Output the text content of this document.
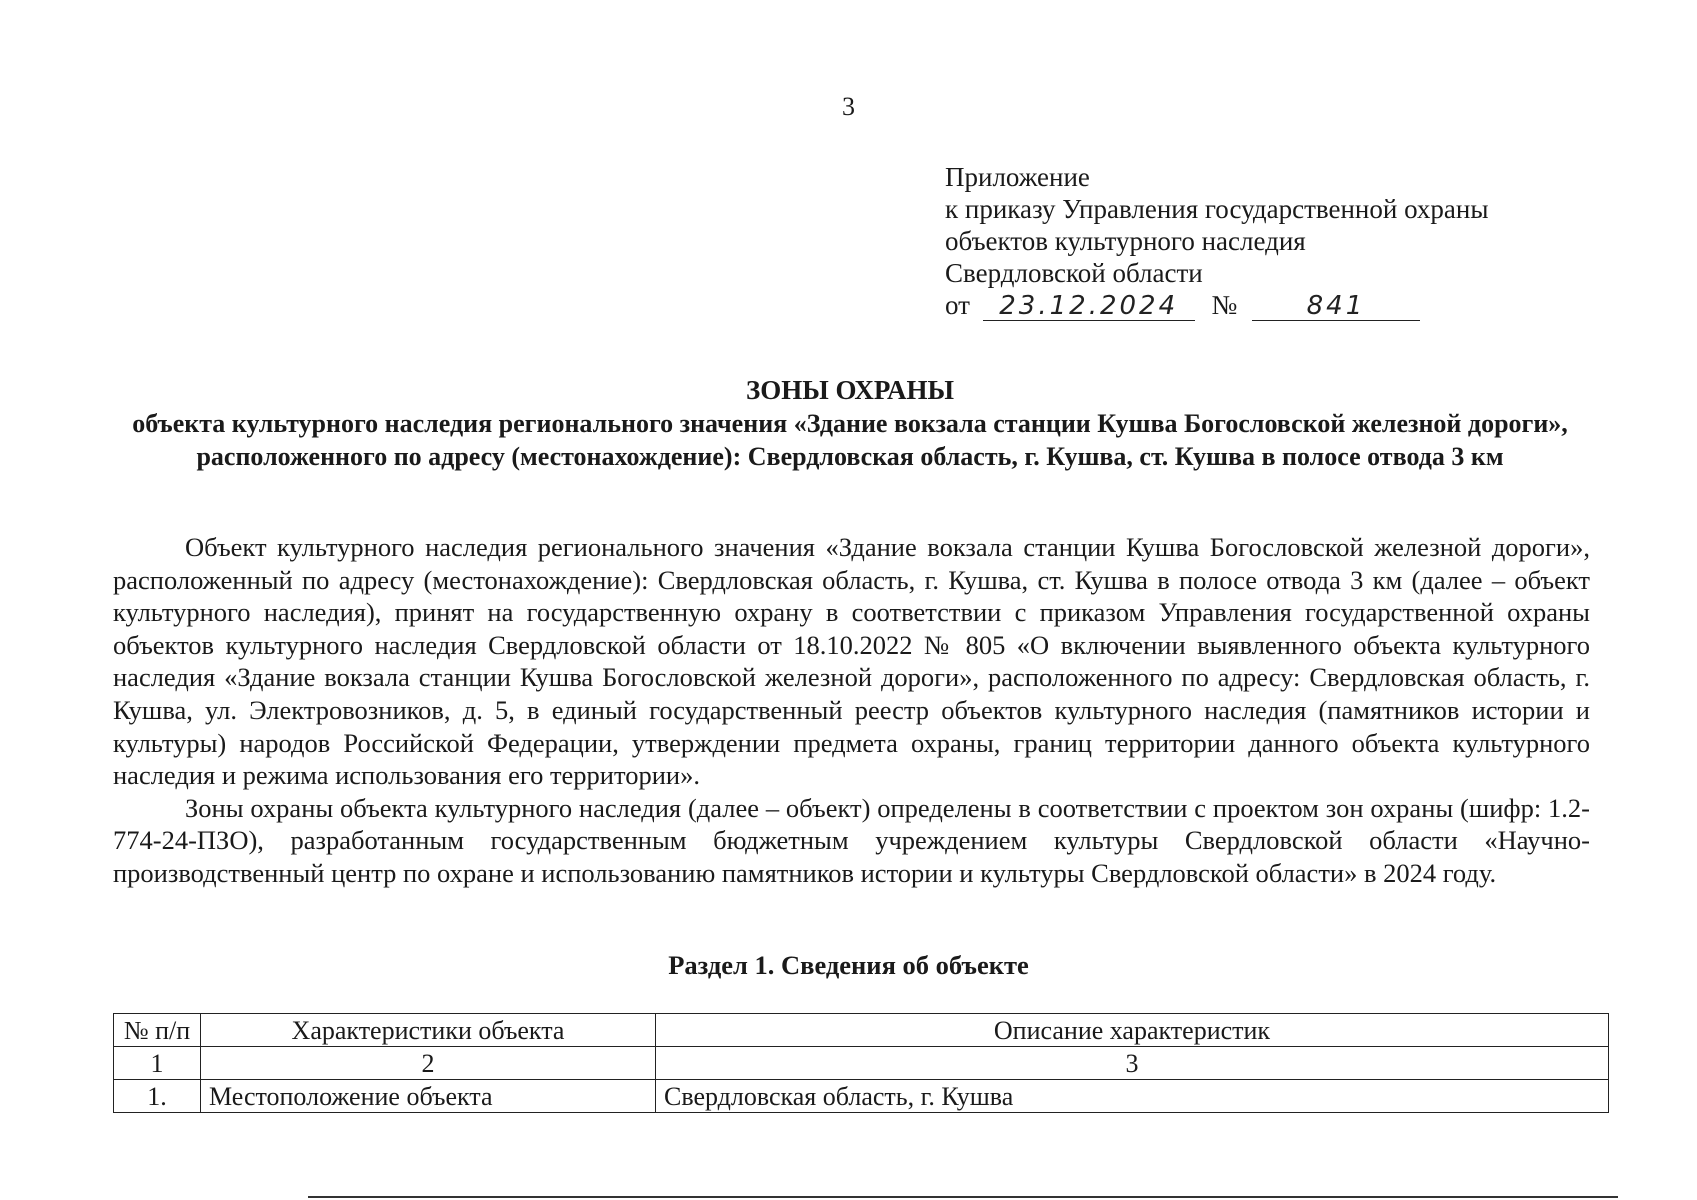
3
Приложение
к приказу Управления государственной охраны
объектов культурного наследия
Свердловской области
от 23.12.2024 №	841
ЗОНЫ ОХРАНЫ
объекта культурного наследия регионального значения «Здание вокзала станции Кушва Богословской железной дороги», расположенного по адресу (местонахождение): Свердловская область, г. Кушва, ст. Кушва в полосе отвода 3 км

Объект культурного наследия регионального значения «Здание вокзала станции Кушва Богословской железной дороги», расположенный по адресу (местонахождение): Свердловская область, г. Кушва, ст. Кушва в полосе отвода 3 км (далее – объект культурного наследия), принят на государственную охрану в соответствии с приказом Управления государственной охраны объектов культурного наследия Свердловской области от 18.10.2022 № 805 «О включении выявленного объекта культурного наследия «Здание вокзала станции Кушва Богословской железной дороги», расположенного по адресу: Свердловская область, г. Кушва, ул. Электровозников, д. 5, в единый государственный реестр объектов культурного наследия (памятников истории и культуры) народов Российской Федерации, утверждении предмета охраны, границ территории данного объекта культурного наследия и режима использования его территории».

Зоны охраны объекта культурного наследия (далее – объект) определены в соответствии с проектом зон охраны (шифр: 1.2-774-24-ПЗО), разработанным государственным бюджетным учреждением культуры Свердловской области «Научно-производственный центр по охране и использованию памятников истории и культуры Свердловской области» в 2024 году.

Раздел 1. Сведения об объекте
№ п/п	Характеристики объекта	Описание характеристик
1	2	3
1.	Местоположение объекта	Свердловская область, г. Кушва
